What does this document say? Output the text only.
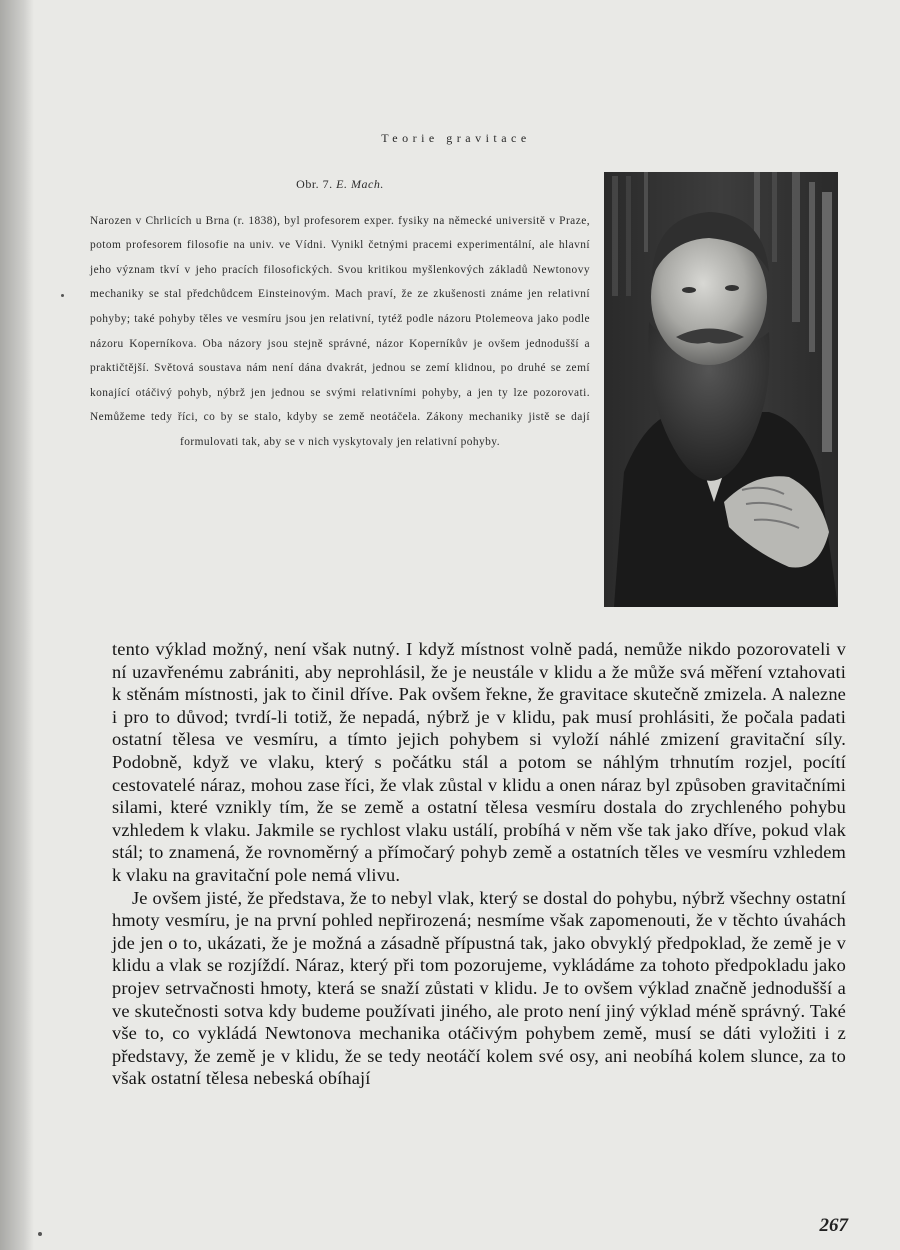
Teorie gravitace

Obr. 7. E. Mach.

Narozen v Chrlicích u Brna (r. 1838), byl profesorem exper. fysiky na německé universitě v Praze, potom profesorem filosofie na univ. ve Vídni. Vynikl četnými pracemi experimentální, ale hlavní jeho význam tkví v jeho pracích filosofických. Svou kritikou myšlenkových základů Newtonovy mechaniky se stal předchůdcem Einsteinovým. Mach praví, že ze zkušenosti známe jen relativní pohyby; také pohyby těles ve vesmíru jsou jen relativní, tytéž podle názoru Ptolemeova jako podle názoru Koperníkova. Oba názory jsou stejně správné, názor Koperníkův je ovšem jednodušší a praktičtější. Světová soustava nám není dána dvakrát, jednou se zemí klidnou, po druhé se zemí konající otáčivý pohyb, nýbrž jen jednou se svými relativními pohyby, a jen ty lze pozorovati. Nemůžeme tedy říci, co by se stalo, kdyby se země neotáčela. Zákony mechaniky jistě se dají formulovati tak, aby se v nich vyskytovaly jen relativní pohyby.

tento výklad možný, není však nutný. I když místnost volně padá, nemůže nikdo pozorovateli v ní uzavřenému zabrániti, aby neprohlásil, že je neustále v klidu a že může svá měření vztahovati k stěnám místnosti, jak to činil dříve. Pak ovšem řekne, že gravitace skutečně zmizela. A nalezne i pro to důvod; tvrdí-li totiž, že nepadá, nýbrž je v klidu, pak musí prohlásiti, že počala padati ostatní tělesa ve vesmíru, a tímto jejich pohybem si vyloží náhlé zmizení gravitační síly. Podobně, když ve vlaku, který s počátku stál a potom se náhlým trhnutím rozjel, pocítí cestovatelé náraz, mohou zase říci, že vlak zůstal v klidu a onen náraz byl způsoben gravitačními silami, které vznikly tím, že se země a ostatní tělesa vesmíru dostala do zrychleného pohybu vzhledem k vlaku. Jakmile se rychlost vlaku ustálí, probíhá v něm vše tak jako dříve, pokud vlak stál; to znamená, že rovnoměrný a přímočarý pohyb země a ostatních těles ve vesmíru vzhledem k vlaku na gravitační pole nemá vlivu.

Je ovšem jisté, že představa, že to nebyl vlak, který se dostal do pohybu, nýbrž všechny ostatní hmoty vesmíru, je na první pohled nepřirozená; nesmíme však zapomenouti, že v těchto úvahách jde jen o to, ukázati, že je možná a zásadně přípustná tak, jako obvyklý předpoklad, že země je v klidu a vlak se rozjíždí. Náraz, který při tom pozorujeme, vykládáme za tohoto předpokladu jako projev setrvačnosti hmoty, která se snaží zůstati v klidu. Je to ovšem výklad značně jednodušší a ve skutečnosti sotva kdy budeme používati jiného, ale proto není jiný výklad méně správný. Také vše to, co vykládá Newtonova mechanika otáčivým pohybem země, musí se dáti vyložiti i z představy, že země je v klidu, že se tedy neotáčí kolem své osy, ani neobíhá kolem slunce, za to však ostatní tělesa nebeská obíhají

267
